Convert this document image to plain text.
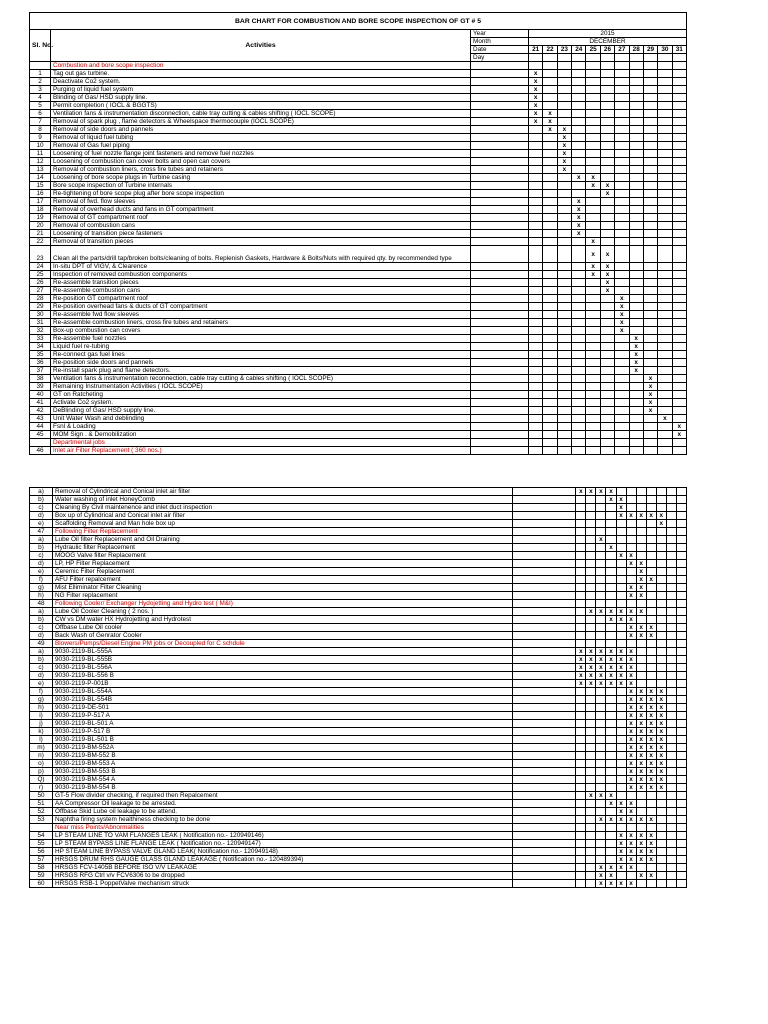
BAR CHART FOR COMBUSTION AND BORE SCOPE INSPECTION OF GT # 5													
Sl. No.	Activities	Year	2015										
		Month	DECEMBER										
		Date	21	22	23	24	25	26	27	28	29	30	31
		Day											
	Combustion and bore scope inspection												
1	Tag out gas turbine.		x										
2	Deactivate Co2 system.		x										
3	Purging of liquid fuel system		x										
4	Blinding of Gas/ HSD supply line.		x										
5	Permit completion ( IOCL & BGGTS)		x										
6	Ventilation fans & instrumentation disconnection, cable tray cutting & cables shifting ( IOCL SCOPE)		x	x									
7	Removal of spark plug , flame detectors & Wheelspace thermocouple (IOCL SCOPE)		x	x									
8	Removal of side doors and pannels			x	x								
9	Removal of liquid fuel tubing				x								
10	Removal of Gas fuel piping				x								
11	Loosening of fuel nozzle flange joint fasteners and remove fuel nozzles				x								
12	Loosening of combustion can cover bolts and open can covers				x								
13	Removal of combustion liners, cross fire tubes and retainers				x								
14	Loosening of bore scope plugs in Turbine casing					x	x						
15	Bore scope inspection of Turbine internals						x	x					
16	Re-tightening of bore scope plug after bore scope inspection							x					
17	Removal of fwd. flow sleeves					x							
18	Removal of overhead ducts and fans in GT compartment					x							
19	Removal of GT compartment roof					x							
20	Removal of combustion cans					x							
21	Loosening of transition piece fasteners					x							
22	Removal of transition pieces						x						
23	Clean all the parts/drill tap/broken bolts/cleaning of bolts. Replenish Gaskets, Hardware & Bolts/Nuts with required qty. by recommended type						x	x					
24	In-situ DPT of VIGV, & Clearence						x	x					
25	Inspection of removed combustion components						x	x					
26	Re-assemble transition pieces							x					
27	Re-assemble combustion cans							x					
28	Re-position GT compartment roof								x				
29	Re-position overhead fans & ducts of GT compartment								x				
30	Re-assemble fwd flow sleeves								x				
31	Re-assemble combustion liners, cross fire tubes and retainers								x				
32	Box-up combustion can covers								x				
33	Re-assemble fuel nozzles									x			
34	Liquid fuel re-tubing									x			
35	Re-connect gas fuel lines									x			
36	Re-position side doors and pannels									x			
37	Re-install spark plug and flame detectors.									x			
38	Ventilation fans & instrumentation reconnection, cable tray cutting & cables shifting ( IOCL SCOPE)										x		
39	Remaining Instrumentation Activities ( IOCL SCOPE)										x		
40	GT on Ratcheting										x		
41	Activate Co2 system.										x		
42	DeBlinding of Gas/ HSD supply line.										x		
43	Unit Water Wash and deblinding											x	
44	Fsnl & Loading												x
45	MOM Sign . & Demobilization												x
	Departmental jobs												
46	Inlet air Filter Replacement ( 360 nos.)												
a)	Removal of Cylindrical and Conical inlet air filter		x	x	x	x							
b)	Water washing of inlet HoneyComb					x	x						
c)	Cleaning By Civil maintenence and inlet duct inspection						x						
d)	Box up of Cylindrical and Conical inlet air filter						x	x	x	x	x		
e)	Scaffolding Removal and Man hole box up										x		
47	Following Filter Replacement												
a)	Lube Oil filter Replacement and Oil Draining				x								
b)	Hydraulic filter Replacement					x							
c)	MOOG Valve filter Replacement						x	x					
d)	LP, HP Filter Replacement							x	x				
e)	Ceremic Filter Replacement								x				
f)	AFU Filter repalcement								x	x			
g)	Mist Elliminator Filter Cleaning							x	x				
h)	NG Filter replacement							x	x				
48	Following Cooler/ Exchanger Hydojetting and Hydro test ( M&I)												
a)	Lube Oil Cooler Cleaning ( 2 nos. )			x	x	x	x	x	x				
b)	CW vs DM water HX Hydrojetting and Hydrotest					x	x	x					
c)	Offbase Lube Oil cooler							x	x	x			
d)	Back Wash of Genrator Cooler							x	x	x			
49	Blowers/Pumps/Diesel Engine PM jobs or Decoupled for C schdule												
a)	9030-2119-BL-555A		x	x	x	x	x	x					
b)	9030-2119-BL-555B		x	x	x	x	x	x					
c)	9030-2119-BL-556A		x	x	x	x	x	x					
d)	9030-2119-BL-556 B		x	x	x	x	x	x					
e)	9030-2119-P-001B		x	x	x	x	x	x					
f)	9030-2119-BL-554A							x	x	x	x		
g)	9030-2119-BL-554B							x	x	x	x		
h)	9030-2119-DE-501							x	x	x	x		
i)	9030-2119-P-517 A							x	x	x	x		
j)	9030-2119-BL-501 A							x	x	x	x		
k)	9030-2119-P-517 B							x	x	x	x		
l)	9030-2119-BL-501 B							x	x	x	x		
m)	9030-2119-BM-552A							x	x	x	x		
n)	9030-2119-BM-552 B							x	x	x	x		
o)	9030-2119-BM-553 A							x	x	x	x		
p)	9030-2119-BM-553 B							x	x	x	x		
Q)	9030-2119-BM-554 A							x	x	x	x		
r)	9030-2119-BM-554 B							x	x	x	x		
50	GT-5 Flow divider checking, if required then Repalcement			x	x	x							
51	AA Compressor Oil leakage to be arrested.					x	x	x					
52	Offbase Skid Lube oil leakage to be attend.						x	x					
53	Naphtha firing system healthiness checking to be done				x	x	x	x	x	x			
	Near miss Points/Abnormalities												
54	LP STEAM LINE TO VAM FLANGES LEAK ( Notification no.- 120949146)						x	x	x	x			
55	LP STEAM BYPASS LINE FLANGE LEAK ( Notification no.- 120949147)						x	x	x	x			
56	HP STEAM LINE BYPASS VALVE GLAND LEAK( Notification no.- 120949148)						x	x	x	x			
57	HRSGS DRUM RHS GAUGE GLASS GLAND LEAKAGE ( Notification no.- 120489394)						x	x	x	x			
58	HRSGS FCV-1405B BEFORE ISO V/V LEAKAGE				x	x	x	x					
59	HRSGS RFG Ctrl v/v FCV6306 to be dropped				x	x			x	x			
60	HRSGS RSB-1 PoppetValve mechanism struck				x	x	x	x					
